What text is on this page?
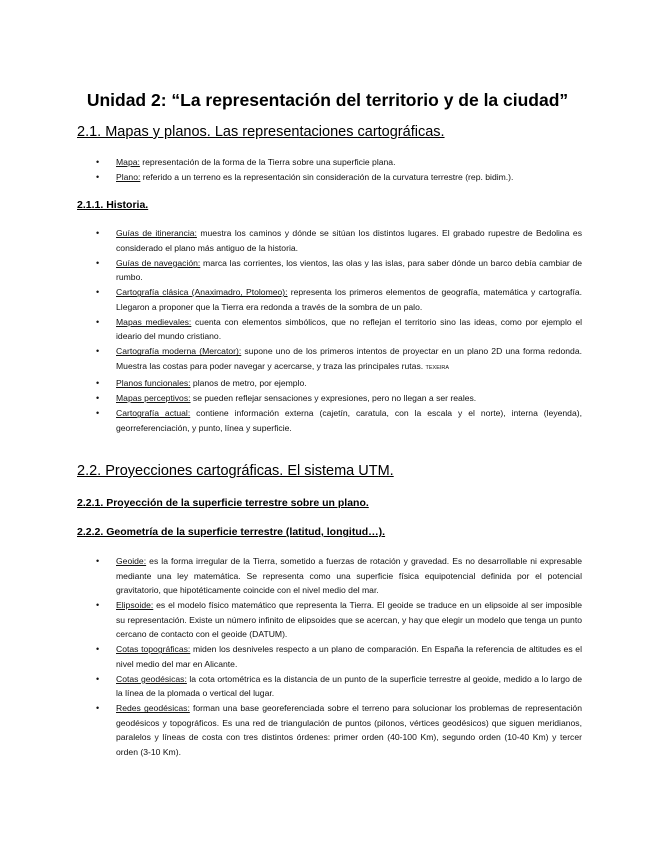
Unidad 2: “La representación del territorio y de la ciudad”
2.1. Mapas y planos. Las representaciones cartográficas.
• Mapa: representación de la forma de la Tierra sobre una superficie plana.
• Plano: referido a un terreno es la representación sin consideración de la curvatura terrestre (rep. bidim.).
2.1.1. Historia.
• Guías de itinerancia: muestra los caminos y dónde se sitúan los distintos lugares. El grabado rupestre de Bedolina es considerado el plano más antiguo de la historia.
• Guías de navegación: marca las corrientes, los vientos, las olas y las islas, para saber dónde un barco debía cambiar de rumbo.
• Cartografía clásica (Anaximadro, Ptolomeo): representa los primeros elementos de geografía, matemática y cartografía. Llegaron a proponer que la Tierra era redonda a través de la sombra de un palo.
• Mapas medievales: cuenta con elementos simbólicos, que no reflejan el territorio sino las ideas, como por ejemplo el ideario del mundo cristiano.
• Cartografía moderna (Mercator): supone uno de los primeros intentos de proyectar en un plano 2D una forma redonda. Muestra las costas para poder navegar y acercarse, y traza las principales rutas. TEXEIRA
• Planos funcionales: planos de metro, por ejemplo.
• Mapas perceptivos: se pueden reflejar sensaciones y expresiones, pero no llegan a ser reales.
• Cartografía actual: contiene información externa (cajetín, caratula, con la escala y el norte), interna (leyenda), georreferenciación, y punto, línea y superficie.
2.2. Proyecciones cartográficas. El sistema UTM.
2.2.1. Proyección de la superficie terrestre sobre un plano.
2.2.2. Geometría de la superficie terrestre (latitud, longitud…).
• Geoide: es la forma irregular de la Tierra, sometido a fuerzas de rotación y gravedad. Es no desarrollable ni expresable mediante una ley matemática. Se representa como una superficie física equipotencial definida por el potencial gravitatorio, que hipotéticamente coincide con el nivel medio del mar.
• Elipsoide: es el modelo físico matemático que representa la Tierra. El geoide se traduce en un elipsoide al ser imposible su representación. Existe un número infinito de elipsoides que se acercan, y hay que elegir un modelo que tenga un punto cercano de contacto con el geoide (DATUM).
• Cotas topográficas: miden los desniveles respecto a un plano de comparación. En España la referencia de altitudes es el nivel medio del mar en Alicante.
• Cotas geodésicas: la cota ortométrica es la distancia de un punto de la superficie terrestre al geoide, medido a lo largo de la línea de la plomada o vertical del lugar.
• Redes geodésicas: forman una base georeferenciada sobre el terreno para solucionar los problemas de representación geodésicos y topográficos. Es una red de triangulación de puntos (pilonos, vértices geodésicos) que siguen meridianos, paralelos y líneas de costa con tres distintos órdenes: primer orden (40-100 Km), segundo orden (10-40 Km) y tercer orden (3-10 Km).
